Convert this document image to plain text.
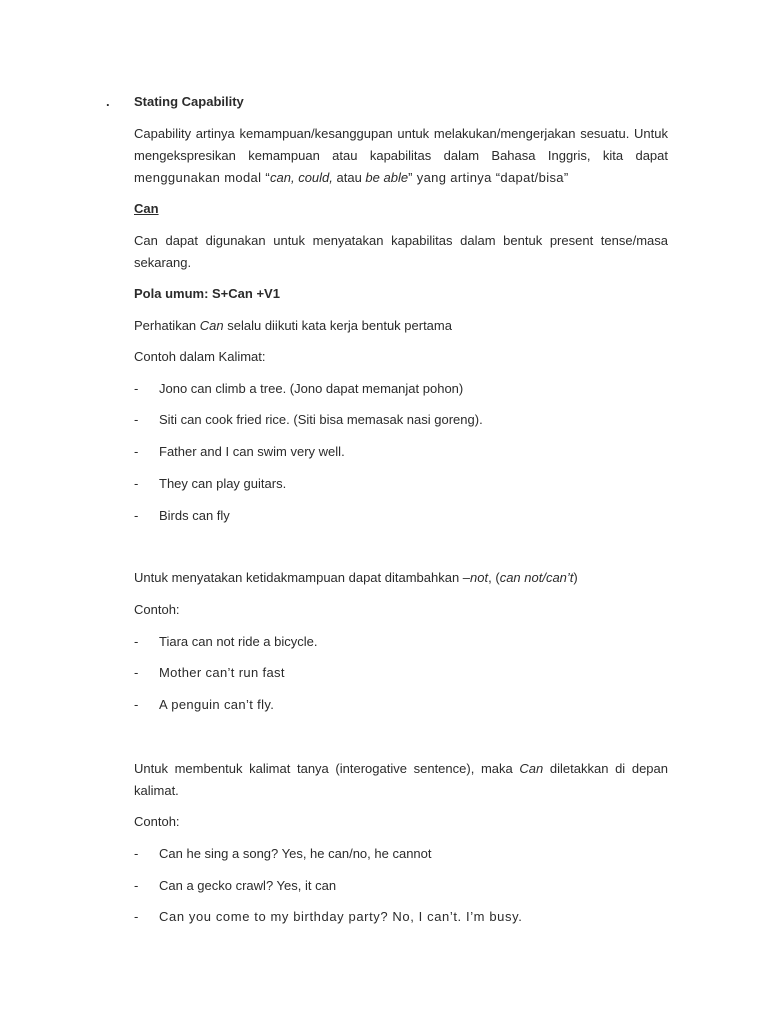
. Stating Capability

Capability artinya kemampuan/kesanggupan untuk melakukan/mengerjakan sesuatu. Untuk mengekspresikan kemampuan atau kapabilitas dalam Bahasa Inggris, kita dapat menggunakan modal “can, could, atau be able” yang artinya “dapat/bisa”

Can

Can dapat digunakan untuk menyatakan kapabilitas dalam bentuk present tense/masa sekarang.

Pola umum: S+Can +V1

Perhatikan Can selalu diikuti kata kerja bentuk pertama

Contoh dalam Kalimat:

- Jono can climb a tree. (Jono dapat memanjat pohon)
- Siti can cook fried rice. (Siti bisa memasak nasi goreng).
- Father and I can swim very well.
- They can play guitars.
- Birds can fly

Untuk menyatakan ketidakmampuan dapat ditambahkan –not, (can not/can’t)

Contoh:

- Tiara can not ride a bicycle.
- Mother can’t run fast
- A penguin can’t fly.

Untuk membentuk kalimat tanya (interogative sentence), maka Can diletakkan di depan kalimat.

Contoh:

- Can he sing a song? Yes, he can/no, he cannot
- Can a gecko crawl? Yes, it can
- Can you come to my birthday party? No, I can’t. I’m busy.
